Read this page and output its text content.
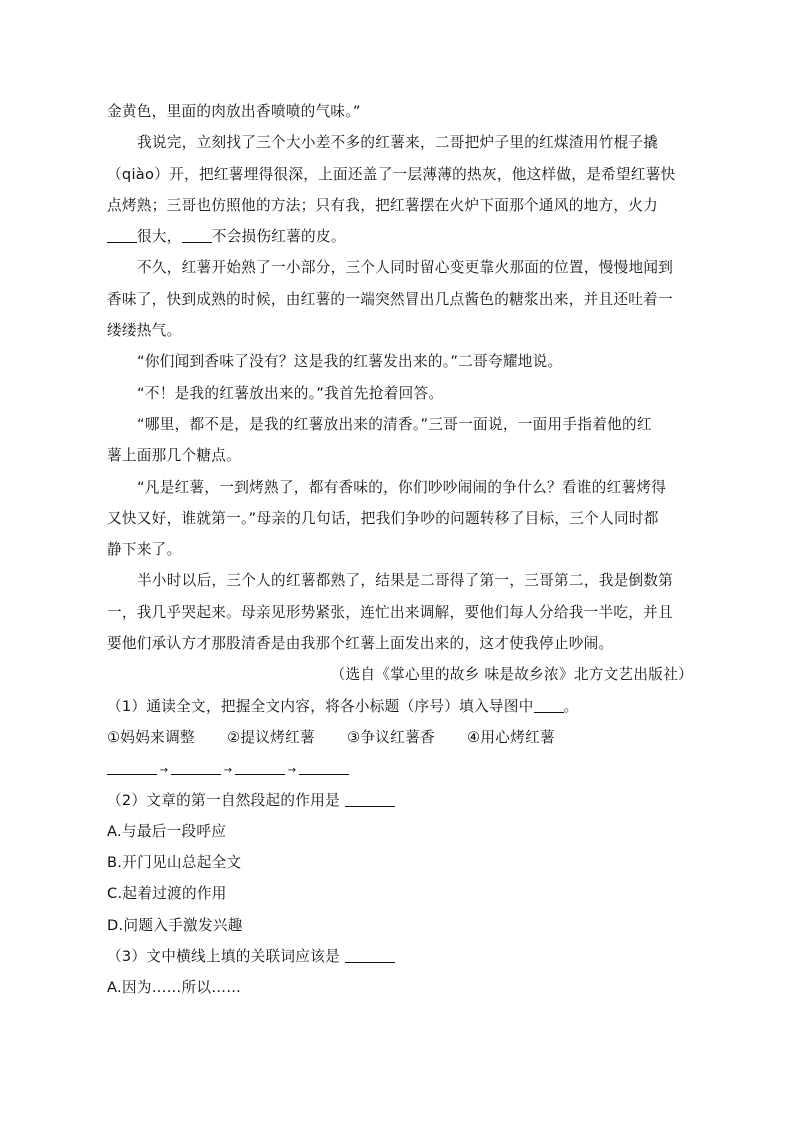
金黄色，里面的肉放出香喷喷的气味。”
我说完，立刻找了三个大小差不多的红薯来，二哥把炉子里的红煤渣用竹棍子撬
（qiào）开，把红薯埋得很深，上面还盖了一层薄薄的热灰，他这样做，是希望红薯快
点烤熟；三哥也仿照他的方法；只有我，把红薯摆在火炉下面那个通风的地方，火力
很大， 不会损伤红薯的皮。
不久，红薯开始熟了一小部分，三个人同时留心变更靠火那面的位置，慢慢地闻到
香味了，快到成熟的时候，由红薯的一端突然冒出几点酱色的糖浆出来，并且还吐着一
缕缕热气。
“你们闻到香味了没有？这是我的红薯发出来的。”二哥夸耀地说。
“不！是我的红薯放出来的。”我首先抢着回答。
“哪里，都不是，是我的红薯放出来的清香。”三哥一面说，一面用手指着他的红
薯上面那几个糖点。
“凡是红薯，一到烤熟了，都有香味的，你们吵吵闹闹的争什么？看谁的红薯烤得
又快又好，谁就第一。”母亲的几句话，把我们争吵的问题转移了目标，三个人同时都
静下来了。
半小时以后，三个人的红薯都熟了，结果是二哥得了第一，三哥第二，我是倒数第
一，我几乎哭起来。母亲见形势紧张，连忙出来调解，要他们每人分给我一半吃，并且
要他们承认方才那股清香是由我那个红薯上面发出来的，这才使我停止吵闹。
（选自《掌心里的故乡 味是故乡浓》北方文艺出版社）
（1）通读全文，把握全文内容，将各小标题（序号）填入导图中 。
①妈妈来调整 ②提议烤红薯 ③争议红薯香 ④用心烤红薯
→	→	→
（2）文章的第一自然段起的作用是
A.与最后一段呼应
B.开门见山总起全文
C.起着过渡的作用
D.问题入手激发兴趣
（3）文中横线上填的关联词应该是
A.因为……所以……
